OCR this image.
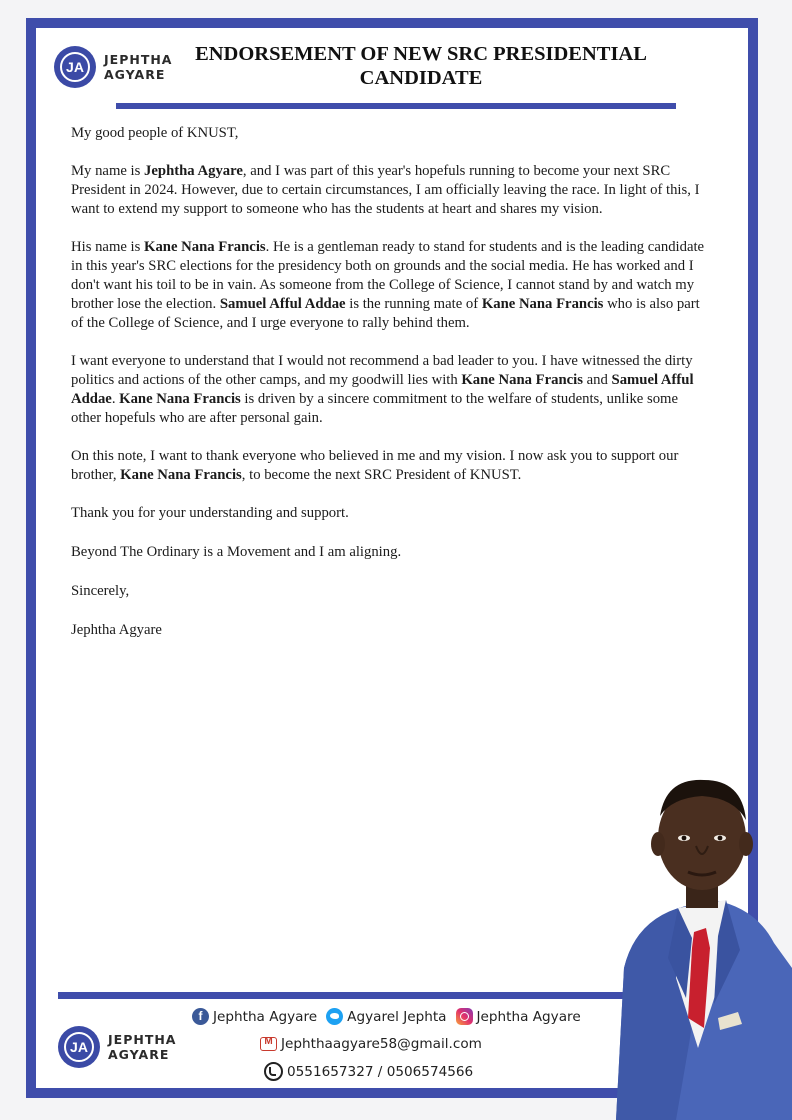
JA	JEPHTHA
AGYARE
ENDORSEMENT OF NEW SRC PRESIDENTIAL
CANDIDATE

My good people of KNUST,

My name is Jephtha Agyare, and I was part of this year's hopefuls running to become your next SRC President in 2024. However, due to certain circumstances, I am officially leaving the race. In light of this, I want to extend my support to someone who has the students at heart and shares my vision.

His name is Kane Nana Francis. He is a gentleman ready to stand for students and is the leading candidate in this year's SRC elections for the presidency both on grounds and the social media. He has worked and I don't want his toil to be in vain. As someone from the College of Science, I cannot stand by and watch my brother lose the election. Samuel Afful Addae is the running mate of Kane Nana Francis who is also part of the College of Science, and I urge everyone to rally behind them.

I want everyone to understand that I would not recommend a bad leader to you. I have witnessed the dirty politics and actions of the other camps, and my goodwill lies with Kane Nana Francis and Samuel Afful Addae. Kane Nana Francis is driven by a sincere commitment to the welfare of students, unlike some other hopefuls who are after personal gain.

On this note, I want to thank everyone who believed in me and my vision. I now ask you to support our brother, Kane Nana Francis, to become the next SRC President of KNUST.

Thank you for your understanding and support.

Beyond The Ordinary is a Movement and I am aligning.

Sincerely,

Jephtha Agyare

JA	JEPHTHA
AGYARE
f
Jephtha Agyare Agyarel Jephta Jephtha Agyare
M
Jephthaagyare58@gmail.com
0551657327 / 0506574566
